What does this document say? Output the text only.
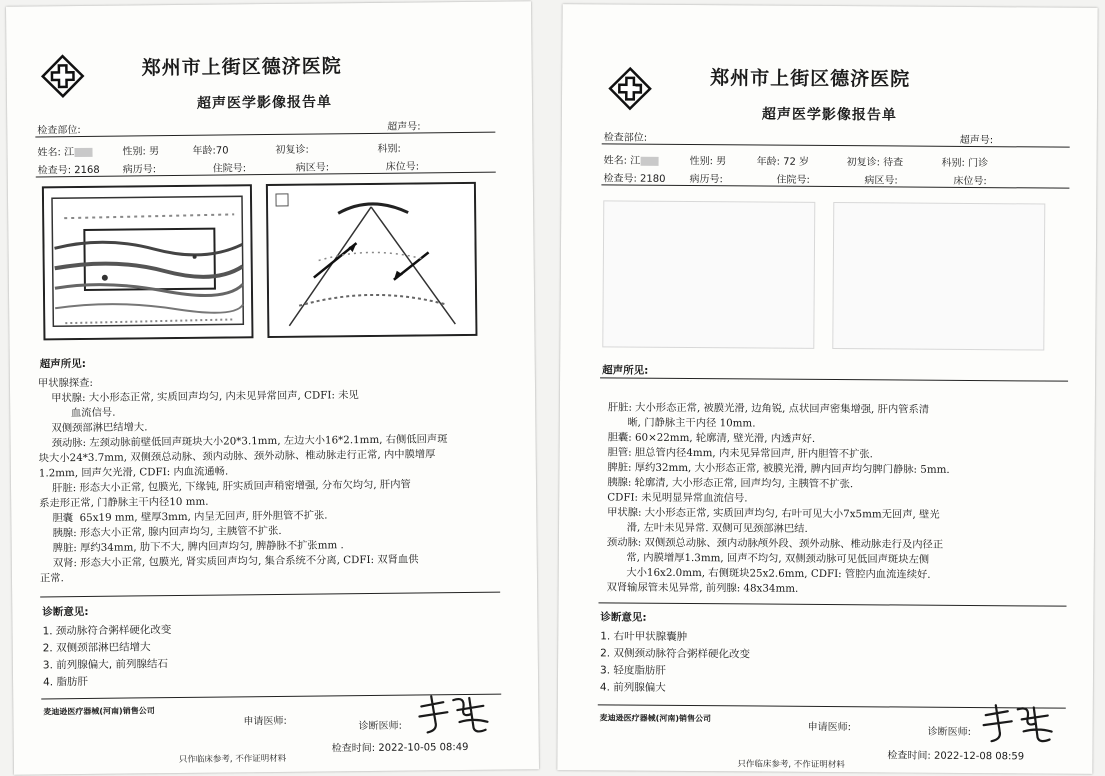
郑州市上街区德济医院
超声医学影像报告单
检查部位:	超声号:
姓名: 江	性别: 男	年龄:70	初复诊:	科别:
检查号: 2168 病历号:	住院号:	病区号:	床位号:
超声所见:

甲状腺探查:

甲状腺: 大小形态正常, 实质回声均匀, 内未见异常回声, CDFI: 未见

血流信号.

双侧颈部淋巴结增大.

颈动脉: 左颈动脉前壁低回声斑块大小20*3.1mm, 左边大小16*2.1mm, 右侧低回声斑

块大小24*3.7mm, 双侧颈总动脉、颈内动脉、颈外动脉、椎动脉走行正常, 内中膜增厚

1.2mm, 回声欠光滑, CDFI: 内血流通畅.

肝脏: 形态大小正常, 包膜光, 下缘钝, 肝实质回声稍密增强, 分布欠均匀, 肝内管

系走形正常, 门静脉主干内径10 mm.

胆囊  65x19 mm, 壁厚3mm, 内呈无回声, 肝外胆管不扩张.

胰腺: 形态大小正常, 腺内回声均匀, 主胰管不扩张.

脾脏: 厚约34mm, 肋下不大, 脾内回声均匀, 脾静脉不扩张mm .

双肾: 形态大小正常, 包膜光, 肾实质回声均匀, 集合系统不分离, CDFI: 双肾血供

正常.

诊断意见:
1. 颈动脉符合粥样硬化改变
2. 双侧颈部淋巴结增大
3. 前列腺偏大, 前列腺结石
4. 脂肪肝
麦迪逊医疗器械(河南)销售公司
申请医师:	诊断医师:
检查时间: 2022-10-05 08:49
只作临床参考, 不作证明材料
郑州市上街区德济医院
超声医学影像报告单
检查部位:	超声号:
姓名: 江	性别: 男	年龄: 72 岁	初复诊: 待查	科别: 门诊
检查号: 2180 病历号:	住院号:	病区号:	床位号:
超声所见:

肝脏: 大小形态正常, 被膜光滑, 边角锐, 点状回声密集增强, 肝内管系清

晰, 门静脉主干内径 10mm.

胆囊: 60×22mm, 轮廓清, 壁光滑, 内透声好.

胆管: 胆总管内径4mm, 内未见异常回声, 肝内胆管不扩张.

脾脏: 厚约32mm, 大小形态正常, 被膜光滑, 脾内回声均匀脾门静脉: 5mm.

胰腺: 轮廓清, 大小形态正常, 回声均匀, 主胰管不扩张.

CDFI: 未见明显异常血流信号.

甲状腺: 大小形态正常, 实质回声均匀, 右叶可见大小7x5mm无回声, 壁光

滑, 左叶未见异常. 双侧可见颈部淋巴结.

颈动脉: 双侧颈总动脉、颈内动脉颅外段、颈外动脉、椎动脉走行及内径正

常, 内膜增厚1.3mm, 回声不均匀, 双侧颈动脉可见低回声斑块左侧

大小16x2.0mm, 右侧斑块25x2.6mm, CDFI: 管腔内血流连续好.

双肾输尿管未见异常, 前列腺: 48x34mm.

诊断意见:
1. 右叶甲状腺囊肿
2. 双侧颈动脉符合粥样硬化改变
3. 轻度脂肪肝
4. 前列腺偏大
麦迪逊医疗器械(河南)销售公司
申请医师:	诊断医师:
检查时间: 2022-12-08 08:59
只作临床参考, 不作证明材料
